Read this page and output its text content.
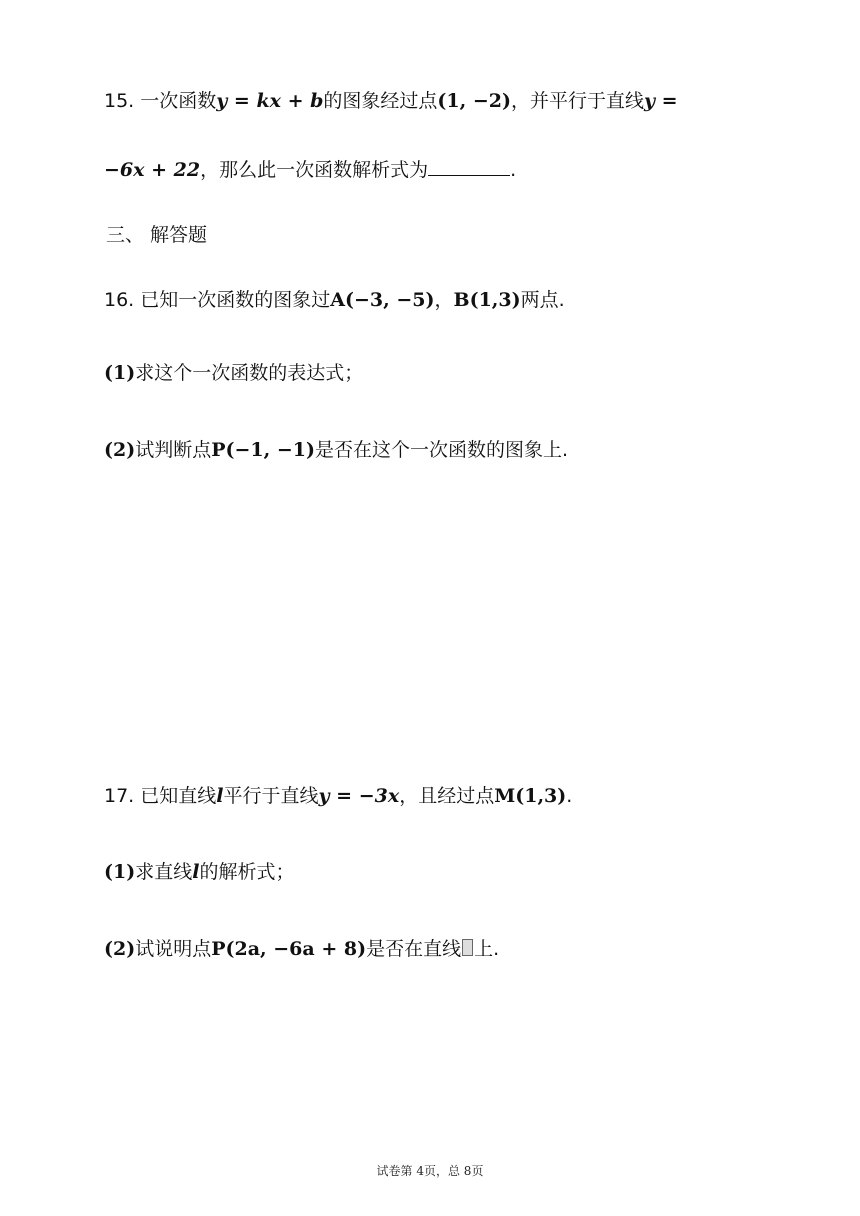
15. 一次函数y = kx + b的图象经过点(1, −2)，并平行于直线y =
−6x + 22，那么此一次函数解析式为	.
三、 解答题
16. 已知一次函数的图象过A(−3, −5)，B(1,3)两点.
(1)求这个一次函数的表达式；
(2)试判断点P(−1, −1)是否在这个一次函数的图象上.
17. 已知直线l平行于直线y = −3x，且经过点M(1,3).
(1)求直线l的解析式；
(2)试说明点P(2a, −6a + 8)是否在直线 上.
试卷第 4页，总 8页
